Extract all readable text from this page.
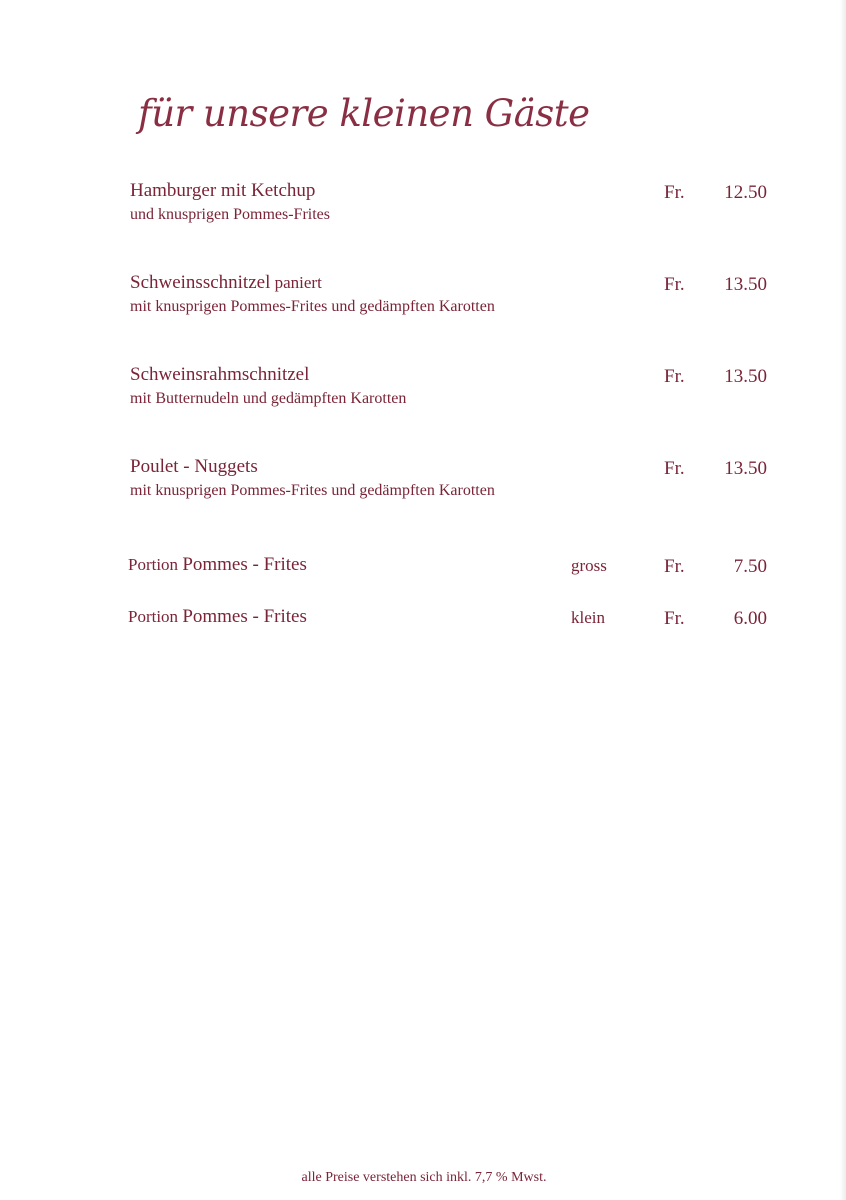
für unsere kleinen Gäste
Hamburger mit Ketchup
und knusprigen Pommes-Frites
Fr. 12.50
Schweinsschnitzel paniert
mit knusprigen Pommes-Frites und gedämpften Karotten
Fr. 13.50
Schweinsrahmschnitzel
mit Butternudeln und gedämpften Karotten
Fr. 13.50
Poulet - Nuggets
mit knusprigen Pommes-Frites und gedämpften Karotten
Fr. 13.50
Portion Pommes - Frites	gross	Fr.	7.50
Portion Pommes - Frites	klein	Fr.	6.00
alle Preise verstehen sich inkl. 7,7 % Mwst.
